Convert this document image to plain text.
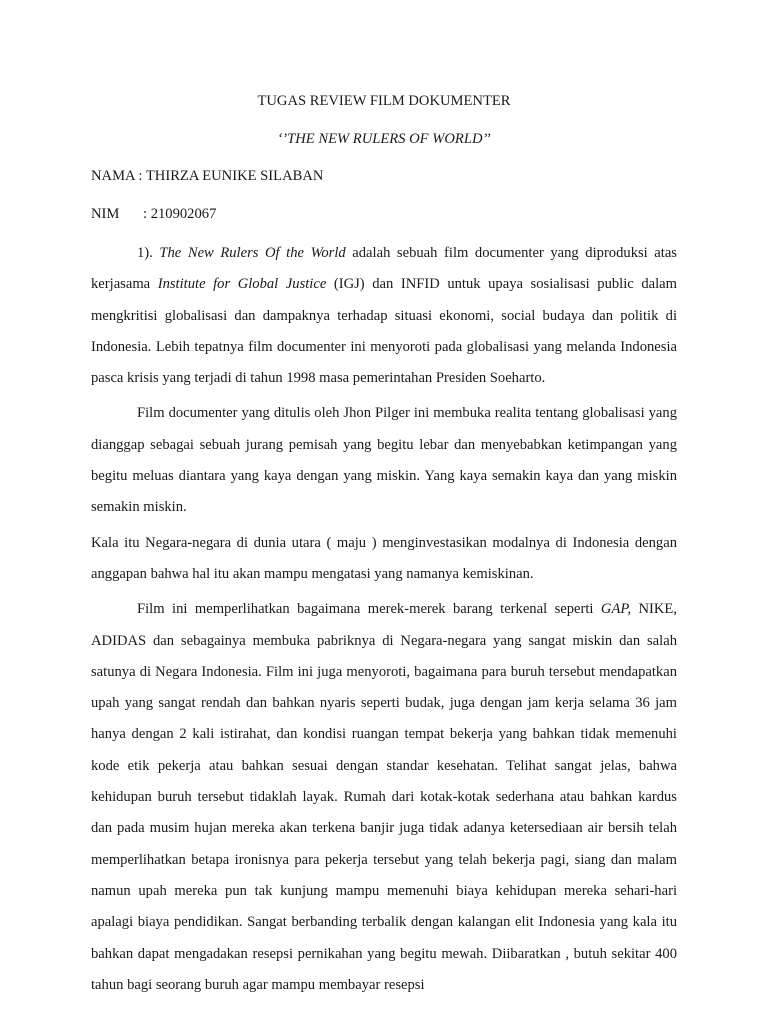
TUGAS REVIEW FILM DOKUMENTER
‘’THE NEW RULERS OF WORLD’’
NAMA : THIRZA EUNIKE SILABAN
NIM : 210902067

1). The New Rulers Of the World adalah sebuah film documenter yang diproduksi atas kerjasama Institute for Global Justice (IGJ) dan INFID untuk upaya sosialisasi public dalam mengkritisi globalisasi dan dampaknya terhadap situasi ekonomi, social budaya dan politik di Indonesia. Lebih tepatnya film documenter ini menyoroti pada globalisasi yang melanda Indonesia pasca krisis yang terjadi di tahun 1998 masa pemerintahan Presiden Soeharto.

Film documenter yang ditulis oleh Jhon Pilger ini membuka realita tentang globalisasi yang dianggap sebagai sebuah jurang pemisah yang begitu lebar dan menyebabkan ketimpangan yang begitu meluas diantara yang kaya dengan yang miskin. Yang kaya semakin kaya dan yang miskin semakin miskin.

Kala itu Negara-negara di dunia utara ( maju ) menginvestasikan modalnya di Indonesia dengan anggapan bahwa hal itu akan mampu mengatasi yang namanya kemiskinan.

Film ini memperlihatkan bagaimana merek-merek barang terkenal seperti GAP, NIKE, ADIDAS dan sebagainya membuka pabriknya di Negara-negara yang sangat miskin dan salah satunya di Negara Indonesia. Film ini juga menyoroti, bagaimana para buruh tersebut mendapatkan upah yang sangat rendah dan bahkan nyaris seperti budak, juga dengan jam kerja selama 36 jam hanya dengan 2 kali istirahat, dan kondisi ruangan tempat bekerja yang bahkan tidak memenuhi kode etik pekerja atau bahkan sesuai dengan standar kesehatan. Telihat sangat jelas, bahwa kehidupan buruh tersebut tidaklah layak. Rumah dari kotak-kotak sederhana atau bahkan kardus dan pada musim hujan mereka akan terkena banjir juga tidak adanya ketersediaan air bersih telah memperlihatkan betapa ironisnya para pekerja tersebut yang telah bekerja pagi, siang dan malam namun upah mereka pun tak kunjung mampu memenuhi biaya kehidupan mereka sehari-hari apalagi biaya pendidikan. Sangat berbanding terbalik dengan kalangan elit Indonesia yang kala itu bahkan dapat mengadakan resepsi pernikahan yang begitu mewah. Diibaratkan , butuh sekitar 400 tahun bagi seorang buruh agar mampu membayar resepsi
